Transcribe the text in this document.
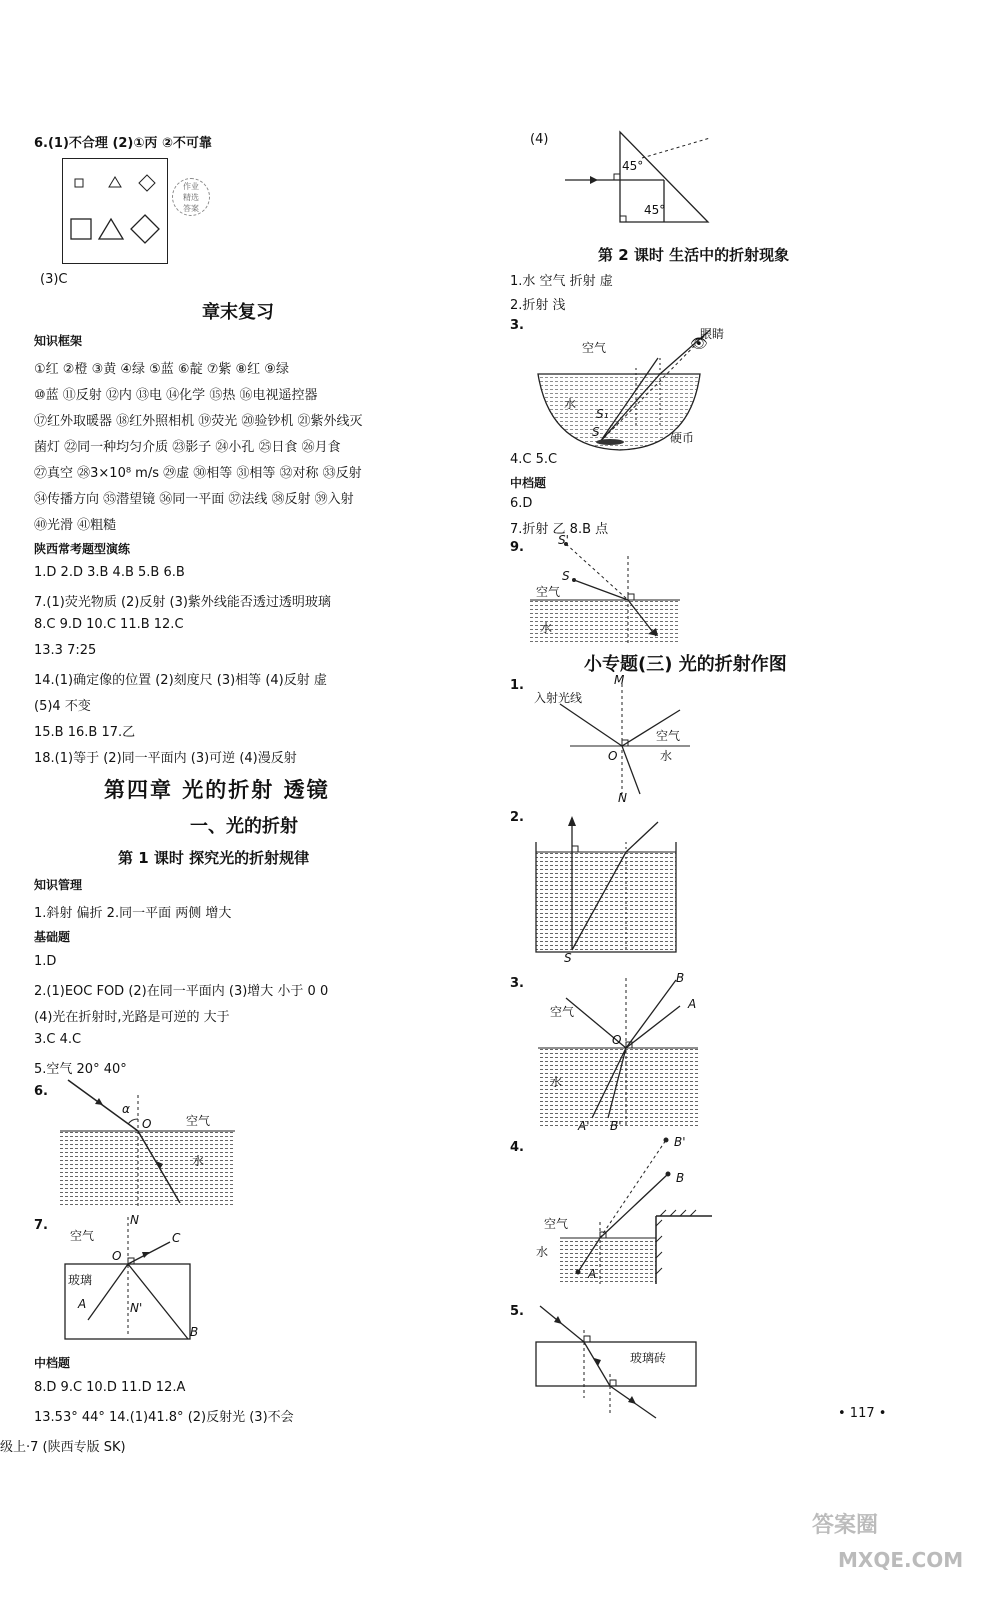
6.(1)不合理 (2)①丙 ②不可靠
作业
精选
答案
(3)C
章末复习
知识框架
①红 ②橙 ③黄 ④绿 ⑤蓝 ⑥靛 ⑦紫 ⑧红 ⑨绿
⑩蓝 ⑪反射 ⑫内 ⑬电 ⑭化学 ⑮热 ⑯电视遥控器
⑰红外取暖器 ⑱红外照相机 ⑲荧光 ⑳验钞机 ㉑紫外线灭
菌灯 ㉒同一种均匀介质 ㉓影子 ㉔小孔 ㉕日食 ㉖月食
㉗真空 ㉘3×10⁸ m/s ㉙虚 ㉚相等 ㉛相等 ㉜对称 ㉝反射
㉞传播方向 ㉟潜望镜 ㊱同一平面 ㊲法线 ㊳反射 ㊴入射
㊵光滑 ㊶粗糙
陕西常考题型演练
1.D 2.D 3.B 4.B 5.B 6.B
7.(1)荧光物质 (2)反射 (3)紫外线能否透过透明玻璃
8.C 9.D 10.C 11.B 12.C
13.3 7:25
14.(1)确定像的位置 (2)刻度尺 (3)相等 (4)反射 虚
(5)4 不变
15.B 16.B 17.乙
18.(1)等于 (2)同一平面内 (3)可逆 (4)漫反射
第四章 光的折射 透镜
一、光的折射
第 1 课时 探究光的折射规律
知识管理
1.斜射 偏折 2.同一平面 两侧 增大
基础题
1.D
2.(1)EOC FOD (2)在同一平面内 (3)增大 小于 0 0
(4)光在折射时,光路是可逆的 大于
3.C 4.C
5.空气 20° 40°
6.
α
O	空气
水
7.
空气
N
C
O
玻璃
A	N'
B
中档题
8.D 9.C 10.D 11.D 12.A
13.53° 44° 14.(1)41.8° (2)反射光 (3)不会
级上·7 (陕西专版 SK)
(4)
45°
45°
第 2 课时 生活中的折射现象
1.水 空气 折射 虚
2.折射 浅
3.
空气
水
S₁
S
👁
眼睛
硬币
4.C 5.C
中档题
6.D
7.折射 乙 8.B 点
9.	S'
S
空气
水
小专题(三) 光的折射作图
1.
入射光线
M
空气
水
O
N
2.
S
3.
空气
水
O
B
A
A' B'
4.
空气
水
A
B'
B
5.
玻璃砖
• 117 •
答案圈
MXQE.COM
